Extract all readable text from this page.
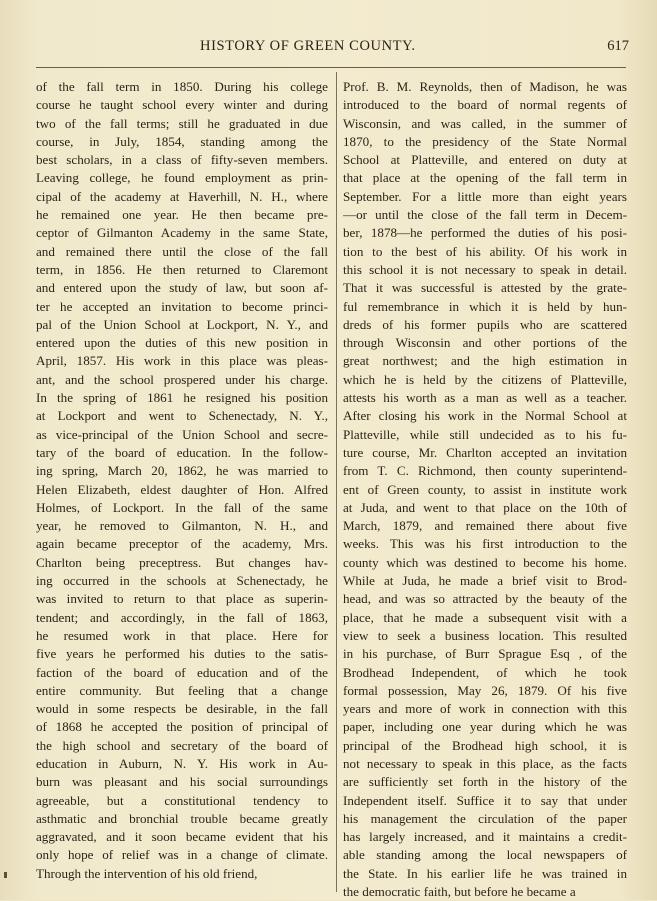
HISTORY OF GREEN COUNTY.	617
of the fall term in 1850. During his college
course he taught school every winter and during
two of the fall terms; still he graduated in due
course, in July, 1854, standing among the
best scholars, in a class of fifty-seven members.
Leaving college, he found employment as prin-
cipal of the academy at Haverhill, N. H., where
he remained one year. He then became pre-
ceptor of Gilmanton Academy in the same State,
and remained there until the close of the fall
term, in 1856. He then returned to Claremont
and entered upon the study of law, but soon af-
ter he accepted an invitation to become princi-
pal of the Union School at Lockport, N. Y., and
entered upon the duties of this new position in
April, 1857. His work in this place was pleas-
ant, and the school prospered under his charge.
In the spring of 1861 he resigned his position
at Lockport and went to Schenectady, N. Y.,
as vice-principal of the Union School and secre-
tary of the board of education. In the follow-
ing spring, March 20, 1862, he was married to
Helen Elizabeth, eldest daughter of Hon. Alfred
Holmes, of Lockport. In the fall of the same
year, he removed to Gilmanton, N. H., and
again became preceptor of the academy, Mrs.
Charlton being preceptress. But changes hav-
ing occurred in the schools at Schenectady, he
was invited to return to that place as superin-
tendent; and accordingly, in the fall of 1863,
he resumed work in that place. Here for
five years he performed his duties to the satis-
faction of the board of education and of the
entire community. But feeling that a change
would in some respects be desirable, in the fall
of 1868 he accepted the position of principal of
the high school and secretary of the board of
education in Auburn, N. Y. His work in Au-
burn was pleasant and his social surroundings
agreeable, but a constitutional tendency to
asthmatic and bronchial trouble became greatly
aggravated, and it soon became evident that his
only hope of relief was in a change of climate.
Through the intervention of his old friend,
Prof. B. M. Reynolds, then of Madison, he was
introduced to the board of normal regents of
Wisconsin, and was called, in the summer of
1870, to the presidency of the State Normal
School at Platteville, and entered on duty at
that place at the opening of the fall term in
September. For a little more than eight years
—or until the close of the fall term in Decem-
ber, 1878—he performed the duties of his posi-
tion to the best of his ability. Of his work in
this school it is not necessary to speak in detail.
That it was successful is attested by the grate-
ful remembrance in which it is held by hun-
dreds of his former pupils who are scattered
through Wisconsin and other portions of the
great northwest; and the high estimation in
which he is held by the citizens of Platteville,
attests his worth as a man as well as a teacher.
After closing his work in the Normal School at
Platteville, while still undecided as to his fu-
ture course, Mr. Charlton accepted an invitation
from T. C. Richmond, then county superintend-
ent of Green county, to assist in institute work
at Juda, and went to that place on the 10th of
March, 1879, and remained there about five
weeks. This was his first introduction to the
county which was destined to become his home.
While at Juda, he made a brief visit to Brod-
head, and was so attracted by the beauty of the
place, that he made a subsequent visit with a
view to seek a business location. This resulted
in his purchase, of Burr Sprague Esq , of the
Brodhead Independent, of which he took
formal possession, May 26, 1879. Of his five
years and more of work in connection with this
paper, including one year during which he was
principal of the Brodhead high school, it is
not necessary to speak in this place, as the facts
are sufficiently set forth in the history of the
Independent itself. Suffice it to say that under
his management the circulation of the paper
has largely increased, and it maintains a credit-
able standing among the local newspapers of
the State. In his earlier life he was trained in
the democratic faith, but before he became a
